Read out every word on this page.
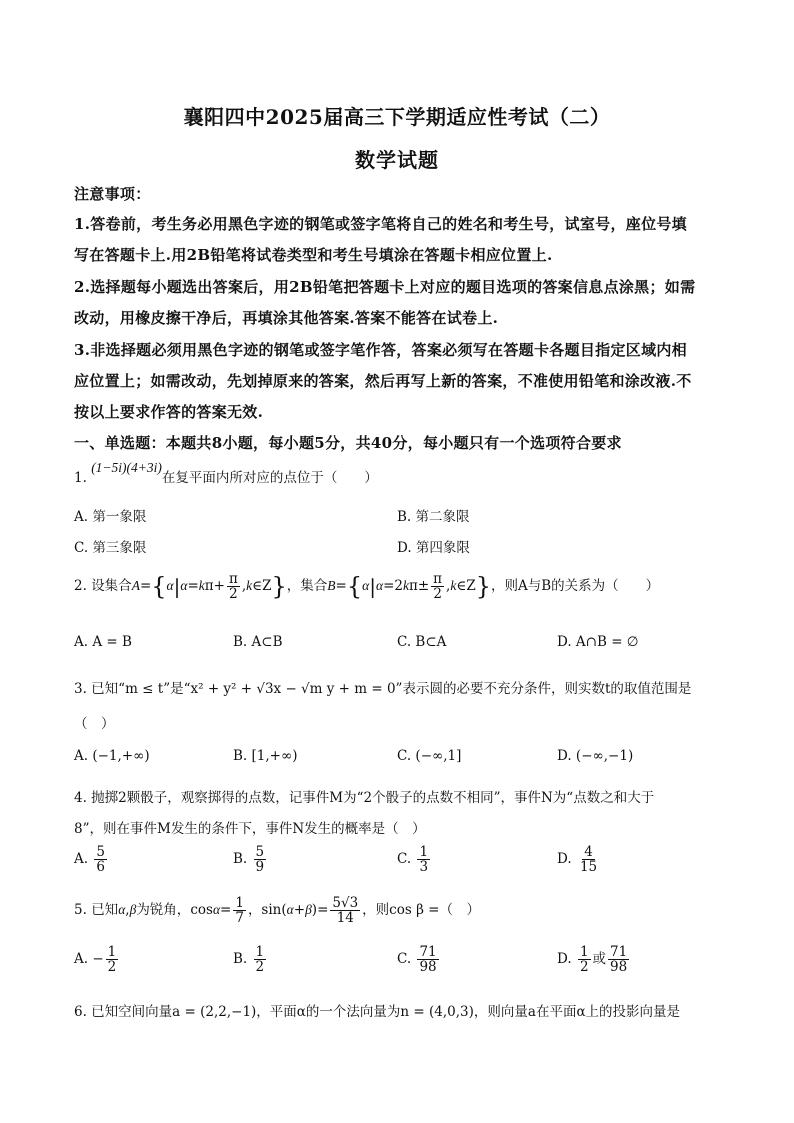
襄阳四中2025届高三下学期适应性考试（二）
数学试题
注意事项：
1.答卷前，考生务必用黑色字迹的钢笔或签字笔将自己的姓名和考生号，试室号，座位号填
写在答题卡上.用2B铅笔将试卷类型和考生号填涂在答题卡相应位置上.
2.选择题每小题选出答案后，用2B铅笔把答题卡上对应的题目选项的答案信息点涂黑；如需
改动，用橡皮擦干净后，再填涂其他答案.答案不能答在试卷上.
3.非选择题必须用黑色字迹的钢笔或签字笔作答，答案必须写在答题卡各题目指定区域内相
应位置上；如需改动，先划掉原来的答案，然后再写上新的答案，不准使用铅笔和涂改液.不
按以上要求作答的答案无效.
一、单选题：本题共8小题，每小题5分，共40分，每小题只有一个选项符合要求
1. (1−5i)(4+3i)在复平面内所对应的点位于（　　）
A. 第一象限	B. 第二象限
C. 第三象限	D. 第四象限
2. 设集合$A=\{\alpha|\alpha=k\pi+ \frac{\pi}{2}$ ,k∈Z}，集合$B=\{\alpha|\alpha=2k\pi\pm \frac{\pi}{2}$ ,k∈Z}，则A与B的关系为（　　）
A. A = B	B. A⊂B	C. B⊂A	D. A∩B = ∅
3. 已知“m ≤ t”是“x² + y² + √3x − √m y + m = 0”表示圆的必要不充分条件，则实数t的取值范围是
（　）
A. (−1,+∞)	B. [1,+∞)	C. (−∞,1]	D. (−∞,−1)
4. 抛掷2颗骰子，观察掷得的点数，记事件M为“2个骰子的点数不相同”，事件N为“点数之和大于
8”，则在事件M发生的条件下，事件N发生的概率是（　）
A. $\frac{5}{6}$	B. $\frac{5}{9}$	C. $\frac{1}{3}$	D. $\frac{4}{15}$
5. 已知α,β为锐角，$\cos\alpha= \frac{1}{7}$ ，$\sin(\alpha+\beta)= \frac{5√3}{14}$ ，则cos β =（　）
A. − $\frac{1}{2}$	B. $\frac{1}{2}$	C. $\frac{71}{98}$	D. $\frac{1}{2}$ 或 $\frac{71}{98}$
6. 已知空间向量a = (2,2,−1)，平面α的一个法向量为n = (4,0,3)，则向量a在平面α上的投影向量是
